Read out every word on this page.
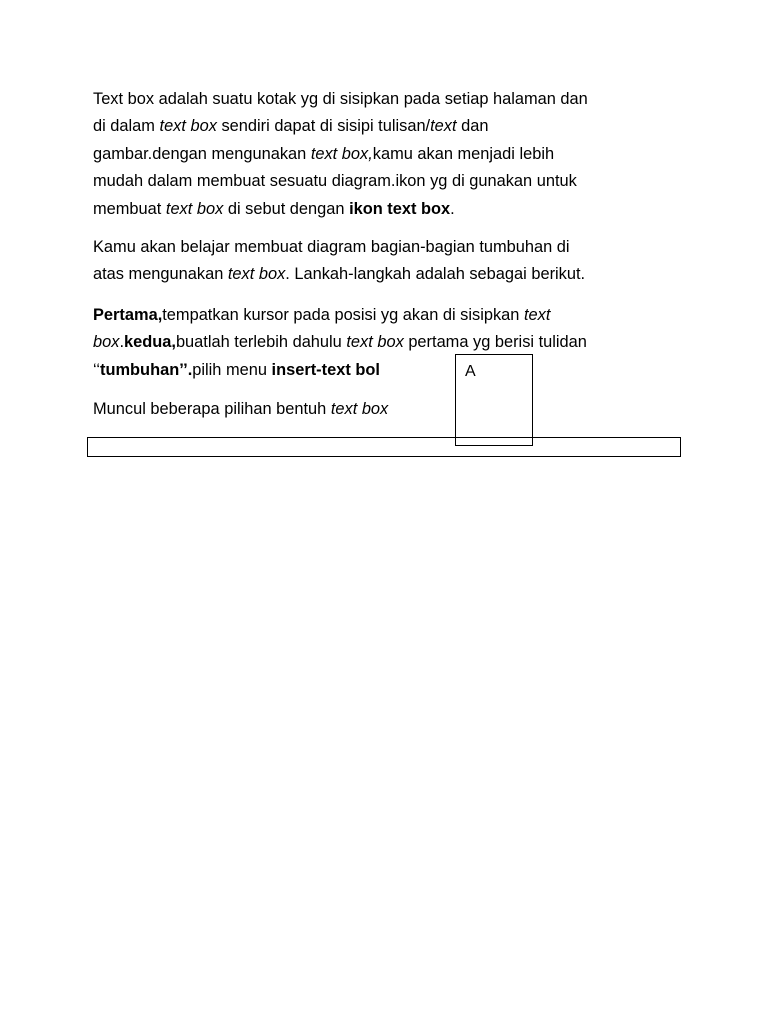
Text box adalah suatu kotak yg di sisipkan pada setiap halaman dan
di dalam text box sendiri dapat di sisipi tulisan/text dan
gambar.dengan mengunakan text box,kamu akan menjadi lebih
mudah dalam membuat sesuatu diagram.ikon yg di gunakan untuk
membuat text box di sebut dengan ikon text box.
Kamu akan belajar membuat diagram bagian-bagian tumbuhan di
atas mengunakan text box. Lankah-langkah adalah sebagai berikut.
Pertama,tempatkan kursor pada posisi yg akan di sisipkan text
box.kedua,buatlah terlebih dahulu text box pertama yg berisi tulidan
‘‘tumbuhan’’.pilih menu insert-text bol
Muncul beberapa pilihan bentuh text box
A
